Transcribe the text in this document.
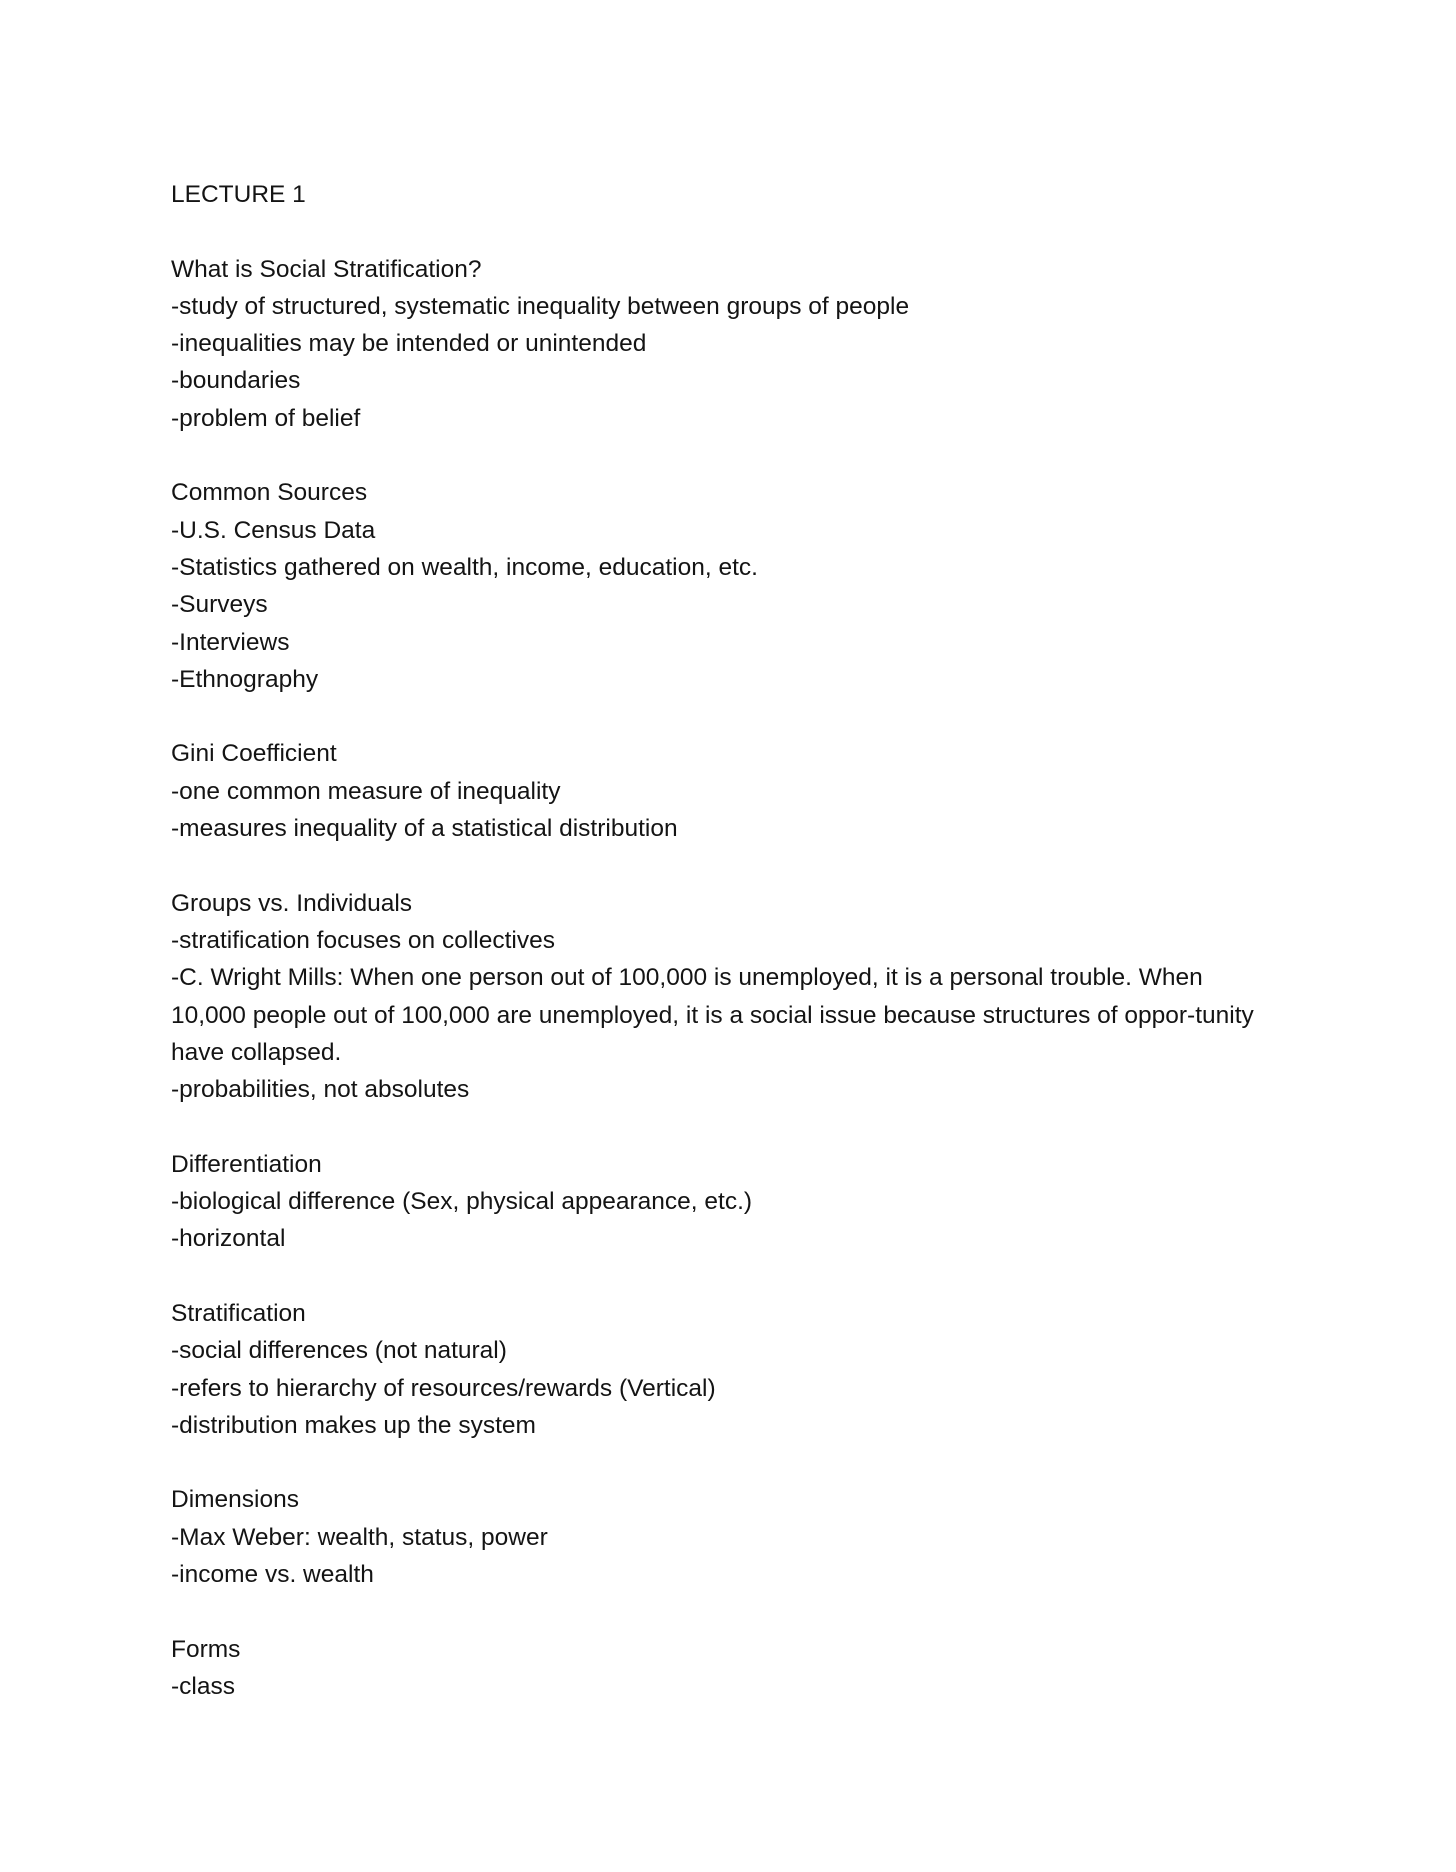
LECTURE 1
What is Social Stratification?
-study of structured, systematic inequality between groups of people
-inequalities may be intended or unintended
-boundaries
-problem of belief
Common Sources
-U.S. Census Data
-Statistics gathered on wealth, income, education, etc.
-Surveys
-Interviews
-Ethnography
Gini Coefficient
-one common measure of inequality
-measures inequality of a statistical distribution
Groups vs. Individuals
-stratification focuses on collectives
-C. Wright Mills: When one person out of 100,000 is unemployed, it is a personal trouble. When 10,000 people out of 100,000 are unemployed, it is a social issue because structures of oppor-tunity have collapsed.
-probabilities, not absolutes
Differentiation
-biological difference (Sex, physical appearance, etc.)
-horizontal
Stratification
-social differences (not natural)
-refers to hierarchy of resources/rewards (Vertical)
-distribution makes up the system
Dimensions
-Max Weber: wealth, status, power
-income vs. wealth
Forms
-class
